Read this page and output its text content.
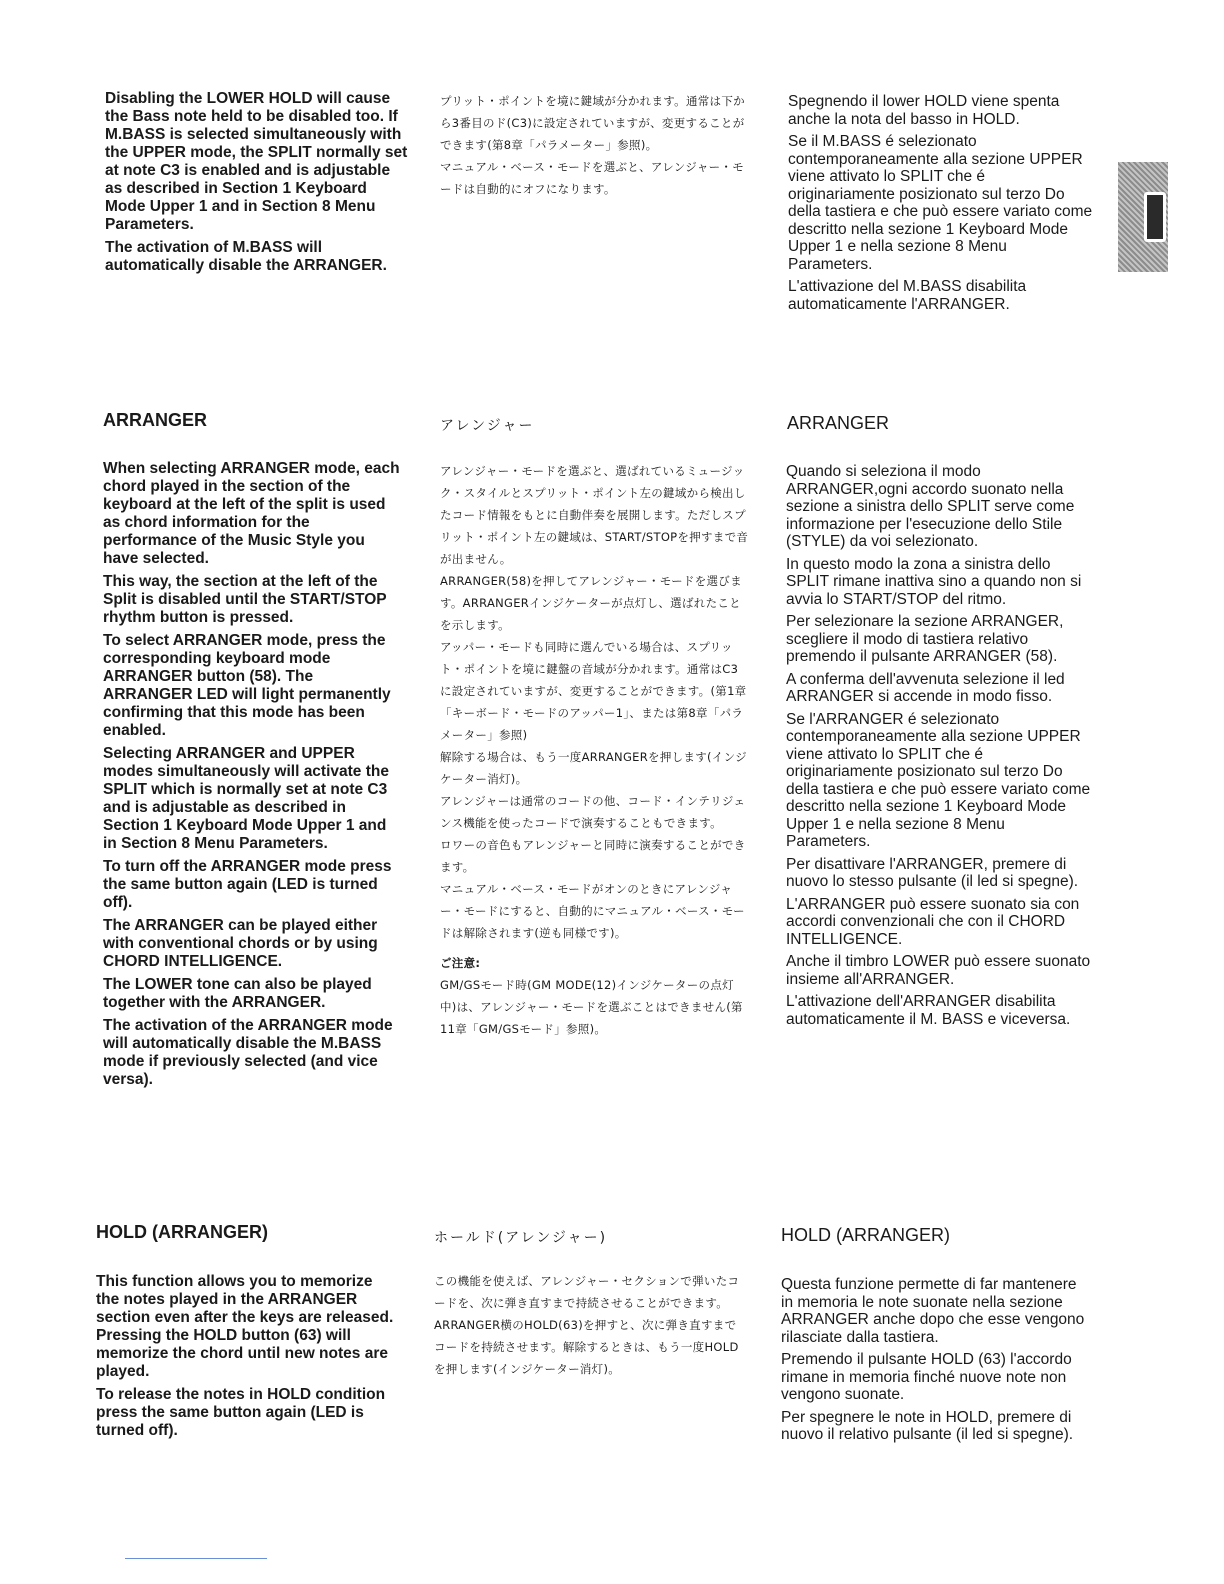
1

Disabling the LOWER HOLD will cause the Bass note held to be disabled too. If M.BASS is selected simultaneously with the UPPER mode, the SPLIT normally set at note C3 is enabled and is adjustable as described in Section 1 Keyboard Mode Upper 1 and in Section 8 Menu Parameters.

The activation of M.BASS will automatically disable the ARRANGER.

プリット・ポイントを境に鍵域が分かれます。通常は下から3番目のド(C3)に設定されていますが、変更することができます(第8章「パラメーター」参照)。

マニュアル・ベース・モードを選ぶと、アレンジャー・モードは自動的にオフになります。

Spegnendo il lower HOLD viene spenta anche la nota del basso in HOLD.

Se il M.BASS é selezionato contemporaneamente alla sezione UPPER viene attivato lo SPLIT che é originariamente posizionato sul terzo Do della tastiera e che può essere variato come descritto nella sezione 1 Keyboard Mode Upper 1 e nella sezione 8 Menu Parameters.

L'attivazione del M.BASS disabilita automaticamente l'ARRANGER.

ARRANGER	アレンジャー	ARRANGER

When selecting ARRANGER mode, each chord played in the section of the keyboard at the left of the split is used as chord information for the performance of the Music Style you have selected.

This way, the section at the left of the Split is disabled until the START/STOP rhythm button is pressed.

To select ARRANGER mode, press the corresponding keyboard mode ARRANGER button (58). The ARRANGER LED will light permanently confirming that this mode has been enabled.

Selecting ARRANGER and UPPER modes simultaneously will activate the SPLIT which is normally set at note C3 and is adjustable as described in Section 1 Keyboard Mode Upper 1 and in Section 8 Menu Parameters.

To turn off the ARRANGER mode press the same button again (LED is turned off).

The ARRANGER can be played either with conventional chords or by using CHORD INTELLIGENCE.

The LOWER tone can also be played together with the ARRANGER.

The activation of the ARRANGER mode will automatically disable the M.BASS mode if previously selected (and vice versa).

アレンジャー・モードを選ぶと、選ばれているミュージック・スタイルとスプリット・ポイント左の鍵域から検出したコード情報をもとに自動伴奏を展開します。ただしスプリット・ポイント左の鍵域は、START/STOPを押すまで音が出ません。

ARRANGER(58)を押してアレンジャー・モードを選びます。ARRANGERインジケーターが点灯し、選ばれたことを示します。

アッパー・モードも同時に選んでいる場合は、スプリット・ポイントを境に鍵盤の音域が分かれます。通常はC3に設定されていますが、変更することができます。(第1章「キーボード・モードのアッパー1」、または第8章「パラメーター」参照)

解除する場合は、もう一度ARRANGERを押します(インジケーター消灯)。

アレンジャーは通常のコードの他、コード・インテリジェンス機能を使ったコードで演奏することもできます。

ロワーの音色もアレンジャーと同時に演奏することができます。

マニュアル・ベース・モードがオンのときにアレンジャー・モードにすると、自動的にマニュアル・ベース・モードは解除されます(逆も同様です)。

ご注意:

GM/GSモード時(GM MODE(12)インジケーターの点灯中)は、アレンジャー・モードを選ぶことはできません(第11章「GM/GSモード」参照)。

Quando si seleziona il modo ARRANGER,ogni accordo suonato nella sezione a sinistra dello SPLIT serve come informazione per l'esecuzione dello Stile (STYLE) da voi selezionato.

In questo modo la zona a sinistra dello SPLIT rimane inattiva sino a quando non si avvia lo START/STOP del ritmo.

Per selezionare la sezione ARRANGER, scegliere il modo di tastiera relativo premendo il pulsante ARRANGER (58).

A conferma dell'avvenuta selezione il led ARRANGER si accende in modo fisso.

Se l'ARRANGER é selezionato contemporaneamente alla sezione UPPER viene attivato lo SPLIT che é originariamente posizionato sul terzo Do della tastiera e che può essere variato come descritto nella sezione 1 Keyboard Mode Upper 1 e nella sezione 8 Menu Parameters.

Per disattivare l'ARRANGER, premere di nuovo lo stesso pulsante (il led si spegne).

L'ARRANGER può essere suonato sia con accordi convenzionali che con il CHORD INTELLIGENCE.

Anche il timbro LOWER può essere suonato insieme all'ARRANGER.

L'attivazione dell'ARRANGER disabilita automaticamente il M. BASS e viceversa.

HOLD (ARRANGER)	ホールド(アレンジャー)	HOLD (ARRANGER)

This function allows you to memorize the notes played in the ARRANGER section even after the keys are released. Pressing the HOLD button (63) will memorize the chord until new notes are played.

To release the notes in HOLD condition press the same button again (LED is turned off).

この機能を使えば、アレンジャー・セクションで弾いたコードを、次に弾き直すまで持続させることができます。

ARRANGER横のHOLD(63)を押すと、次に弾き直すまでコードを持続させます。解除するときは、もう一度HOLDを押します(インジケーター消灯)。

Questa funzione permette di far mantenere in memoria le note suonate nella sezione ARRANGER anche dopo che esse vengono rilasciate dalla tastiera.

Premendo il pulsante HOLD (63) l'accordo rimane in memoria finché nuove note non vengono suonate.

Per spegnere le note in HOLD, premere di nuovo il relativo pulsante (il led si spegne).
